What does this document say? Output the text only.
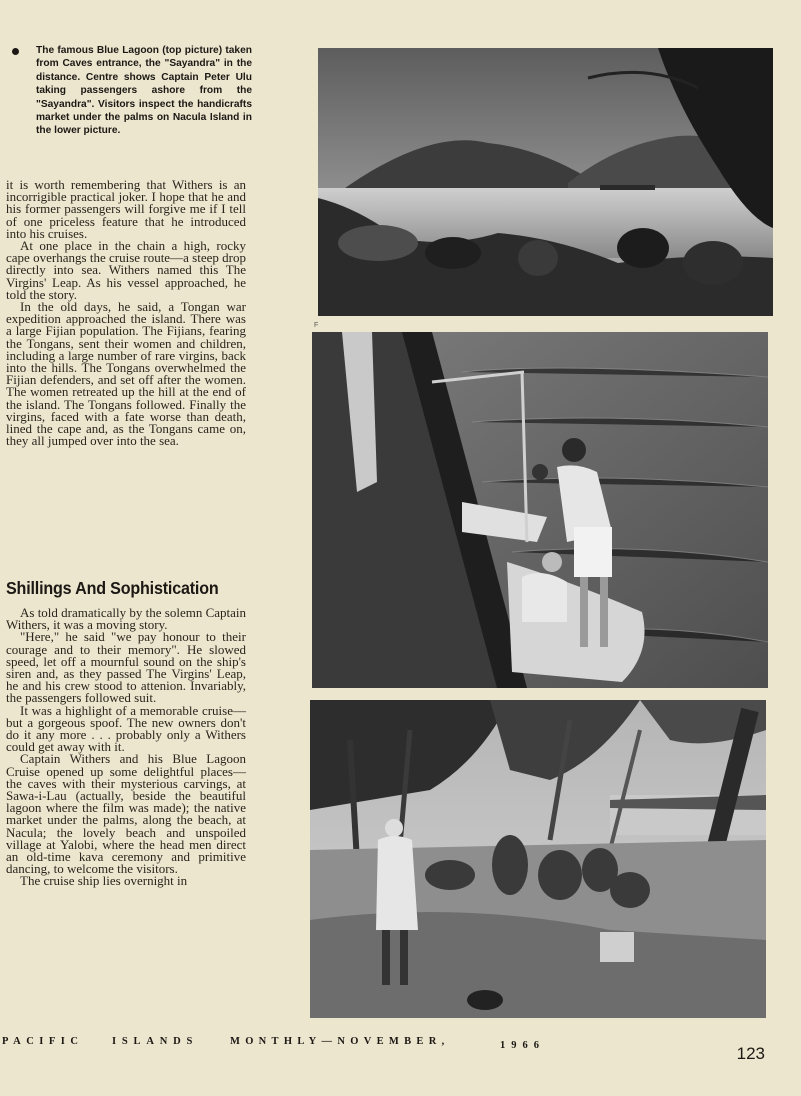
The famous Blue Lagoon (top picture) taken from Caves entrance, the "Sayandra" in the distance. Centre shows Captain Peter Ulu taking passengers ashore from the "Sayandra". Visitors inspect the handicrafts market under the palms on Nacula Island in the lower picture.

it is worth remembering that Withers is an incorrigible practical joker. I hope that he and his former passengers will forgive me if I tell of one priceless feature that he introduced into his cruises.

At one place in the chain a high, rocky cape overhangs the cruise route—a steep drop directly into sea. Withers named this The Virgins' Leap. As his vessel approached, he told the story.

In the old days, he said, a Tongan war expedition approached the island. There was a large Fijian population. The Fijians, fearing the Tongans, sent their women and children, including a large number of rare virgins, back into the hills. The Tongans overwhelmed the Fijian defenders, and set off after the women. The women retreated up the hill at the end of the island. The Tongans followed. Finally the virgins, faced with a fate worse than death, lined the cape and, as the Tongans came on, they all jumped over into the sea.

Shillings And Sophistication

As told dramatically by the solemn Captain Withers, it was a moving story.

"Here," he said "we pay honour to their courage and to their memory". He slowed speed, let off a mournful sound on the ship's siren and, as they passed The Virgins' Leap, he and his crew stood to attenion. Invariably, the passengers followed suit.

It was a highlight of a memorable cruise—but a gorgeous spoof. The new owners don't do it any more . . . probably only a Withers could get away with it.

Captain Withers and his Blue Lagoon Cruise opened up some delightful places—the caves with their mysterious carvings, at Sawa-i-Lau (actually, beside the beautiful lagoon where the film was made); the native market under the palms, along the beach, at Nacula; the lovely beach and unspoiled village at Yalobi, where the head men direct an old-time kava ceremony and primitive dancing, to welcome the visitors.

The cruise ship lies overnight in

F
PACIFIC	ISLANDS	MONTHLY—NOVEMBER,	1966	123
